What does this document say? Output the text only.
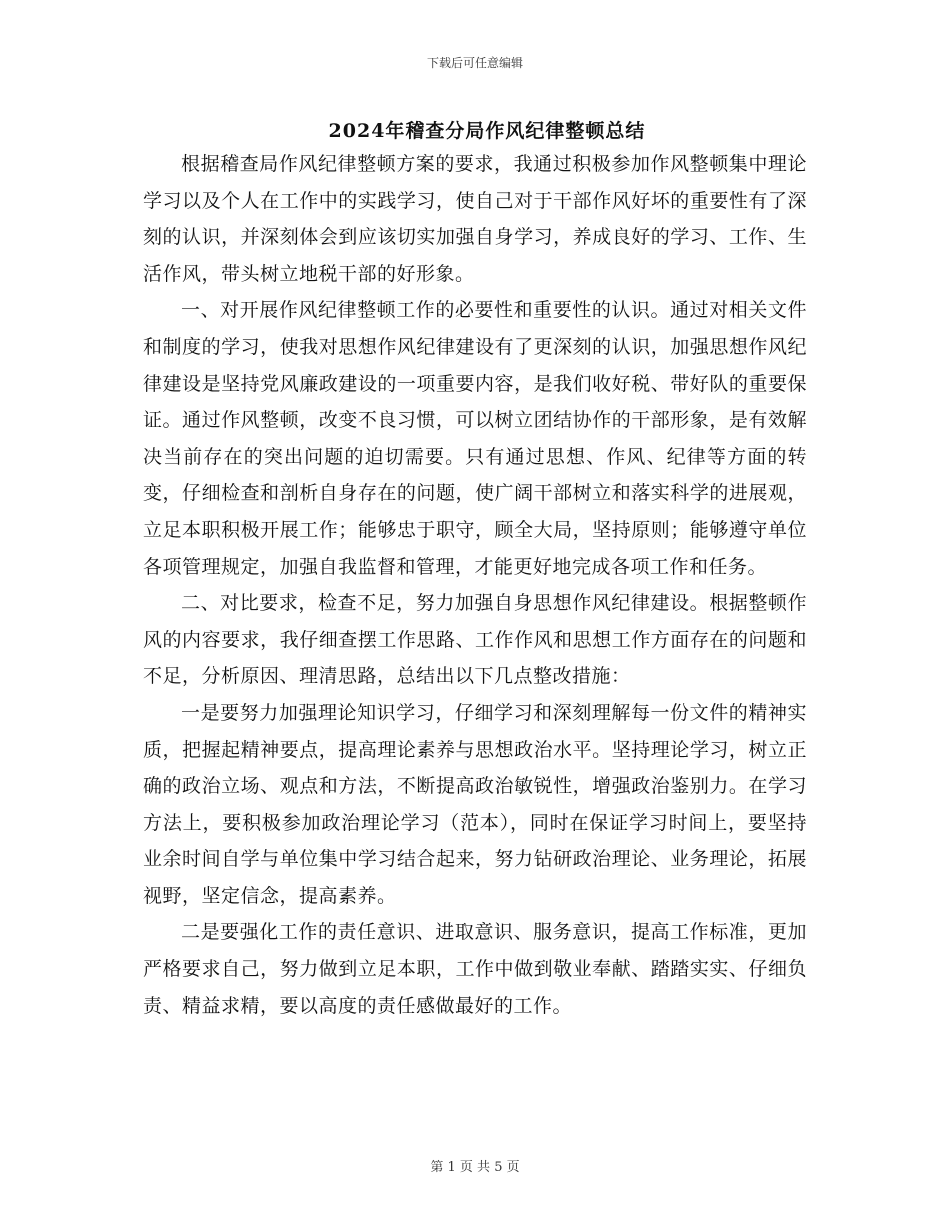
下载后可任意编辑
2024年稽查分局作风纪律整顿总结

根据稽查局作风纪律整顿方案的要求，我通过积极参加作风整顿集中理论学习以及个人在工作中的实践学习，使自己对于干部作风好坏的重要性有了深刻的认识，并深刻体会到应该切实加强自身学习，养成良好的学习、工作、生活作风，带头树立地税干部的好形象。

一、对开展作风纪律整顿工作的必要性和重要性的认识。通过对相关文件和制度的学习，使我对思想作风纪律建设有了更深刻的认识，加强思想作风纪律建设是坚持党风廉政建设的一项重要内容，是我们收好税、带好队的重要保证。通过作风整顿，改变不良习惯，可以树立团结协作的干部形象，是有效解决当前存在的突出问题的迫切需要。只有通过思想、作风、纪律等方面的转变，仔细检查和剖析自身存在的问题，使广阔干部树立和落实科学的进展观，立足本职积极开展工作；能够忠于职守，顾全大局，坚持原则；能够遵守单位各项管理规定，加强自我监督和管理，才能更好地完成各项工作和任务。

二、对比要求，检查不足，努力加强自身思想作风纪律建设。根据整顿作风的内容要求，我仔细查摆工作思路、工作作风和思想工作方面存在的问题和不足，分析原因、理清思路，总结出以下几点整改措施：

一是要努力加强理论知识学习，仔细学习和深刻理解每一份文件的精神实质，把握起精神要点，提高理论素养与思想政治水平。坚持理论学习，树立正确的政治立场、观点和方法，不断提高政治敏锐性，增强政治鉴别力。在学习方法上，要积极参加政治理论学习（范本），同时在保证学习时间上，要坚持业余时间自学与单位集中学习结合起来，努力钻研政治理论、业务理论，拓展视野，坚定信念，提高素养。

二是要强化工作的责任意识、进取意识、服务意识，提高工作标准，更加严格要求自己，努力做到立足本职，工作中做到敬业奉献、踏踏实实、仔细负责、精益求精，要以高度的责任感做最好的工作。

第 1 页 共 5 页
